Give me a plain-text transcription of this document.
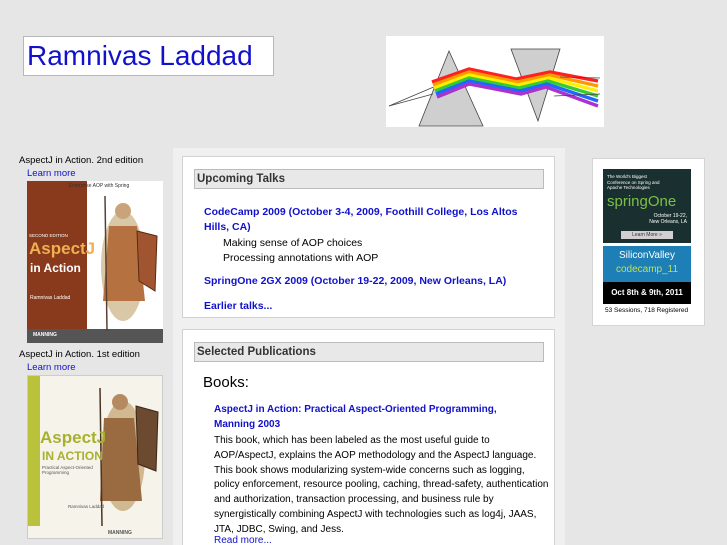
Ramnivas Laddad
AspectJ in Action. 2nd edition
Learn more
Enterprise AOP with Spring
SECOND EDITION
AspectJ
in Action
Ramnivas Laddad
MANNING
AspectJ in Action. 1st edition
Learn more
AspectJ
IN ACTION
Practical Aspect-Oriented Programming
Ramnivas Laddad
MANNING
Upcoming Talks
CodeCamp 2009 (October 3-4, 2009, Foothill College, Los Altos Hills, CA)
Making sense of AOP choices
Processing annotations with AOP
SpringOne 2GX 2009 (October 19-22, 2009, New Orleans, LA)
Earlier talks...
Selected Publications
Books:
AspectJ in Action: Practical Aspect-Oriented Programming, Manning 2003
This book, which has been labeled as the most useful guide to AOP/AspectJ, explains the AOP methodology and the AspectJ language. This book shows modularizing system-wide concerns such as logging, policy enforcement, resource pooling, caching, thread-safety, authentication and authorization, transaction processing, and business rule by synergistically combining AspectJ with technologies such as log4j, JAAS, JTA, JDBC, Swing, and Jess.
Read more...
The World's Biggest
Conference on Spring and
Apache Technologies
springOne
October 19-22,
New Orleans, LA
Learn More »
SiliconValley
codecamp_11
Oct 8th & 9th, 2011
53 Sessions, 718 Registered
